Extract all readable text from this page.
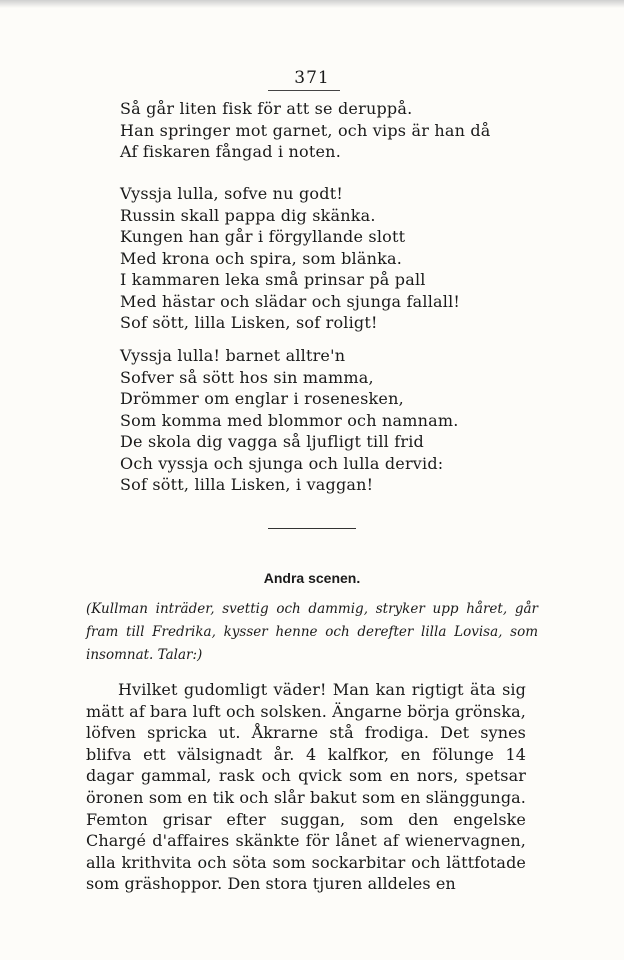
371
Så går liten fisk för att se deruppå.
Han springer mot garnet, och vips är han då
Af fiskaren fångad i noten.
Vyssja lulla, sofve nu godt!
Russin skall pappa dig skänka.
Kungen han går i förgyllande slott
Med krona och spira, som blänka.
I kammaren leka små prinsar på pall
Med hästar och slädar och sjunga fallall!
Sof sött, lilla Lisken, sof roligt!
Vyssja lulla! barnet alltre'n
Sofver så sött hos sin mamma,
Drömmer om englar i rosenesken,
Som komma med blommor och namnam.
De skola dig vagga så ljufligt till frid
Och vyssja och sjunga och lulla dervid:
Sof sött, lilla Lisken, i vaggan!
Andra scenen.

(Kullman inträder, svettig och dammig, stryker upp håret, går fram till Fredrika, kysser henne och derefter lilla Lovisa, som insomnat. Talar:)

Hvilket gudomligt väder! Man kan rigtigt äta sig mätt af bara luft och solsken. Ängarne börja grönska, löfven spricka ut. Åkrarne stå frodiga. Det synes blifva ett välsignadt år. 4 kalfkor, en fölunge 14 dagar gammal, rask och qvick som en nors, spetsar öronen som en tik och slår bakut som en slänggunga. Femton grisar efter suggan, som den engelske Chargé d'affaires skänkte för lånet af wienervagnen, alla krithvita och söta som sockarbitar och lättfotade som gräshoppor. Den stora tjuren alldeles en
